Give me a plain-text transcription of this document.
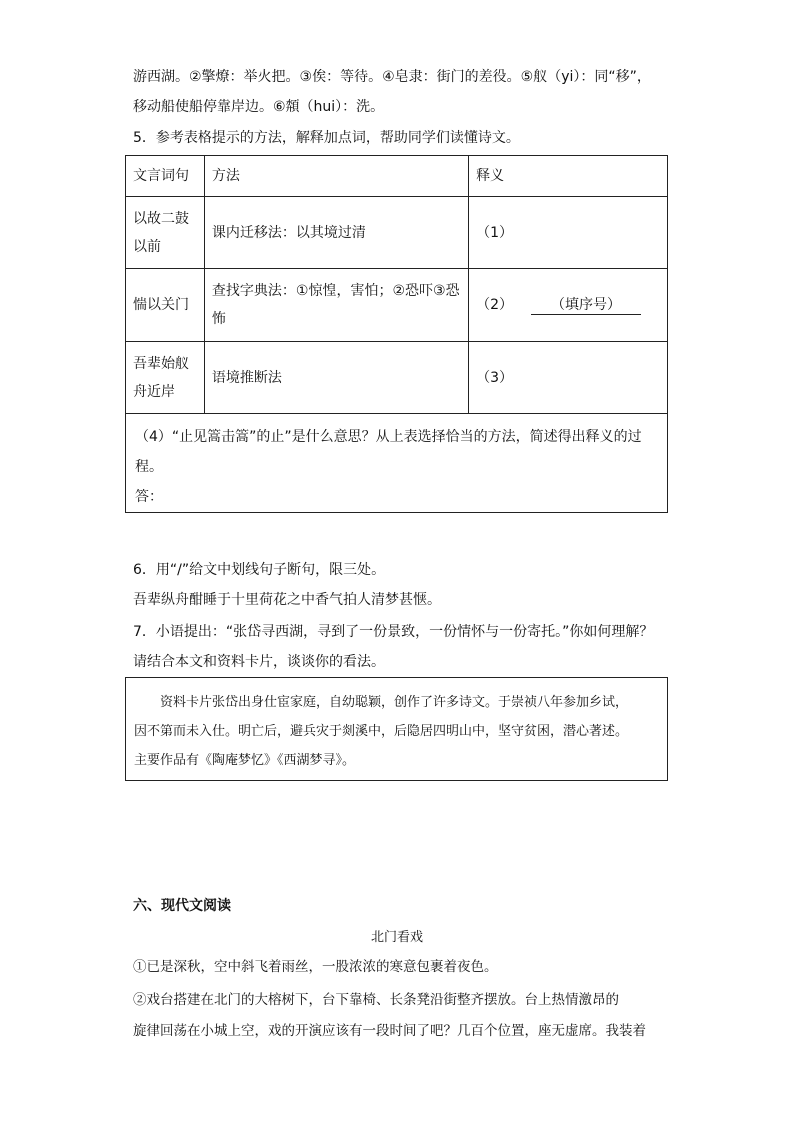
游西湖。②擎燎：举火把。③俟：等待。④皂隶：街门的差役。⑤舣（yi）：同“移”，
移动船使船停靠岸边。⑥頮（hui）：洗。
5．参考表格提示的方法，解释加点词，帮助同学们读懂诗文。
文言词句	方法	释义
以故二鼓以前	课内迁移法：以其境过清	（1）
惴以关门	查找字典法：①惊惶，害怕；②恐吓③恐怖	（2） （填序号）
吾辈始舣舟近岸	语境推断法	（3）

（4）“止见篙击篙”的止”是什么意思？从上表选择恰当的方法，简述得出释义的过程。
答：		
6．用“/”给文中划线句子断句，限三处。
吾辈纵舟酣睡于十里荷花之中香气拍人清梦甚惬。
7．小语提出：“张岱寻西湖，寻到了一份景致，一份情怀与一份寄托。”你如何理解？
请结合本文和资料卡片，谈谈你的看法。

资料卡片张岱出身仕宦家庭，自幼聪颖，创作了许多诗文。于崇祯八年参加乡试，

因不第而未入仕。明亡后，避兵灾于剡溪中，后隐居四明山中，坚守贫困，潜心著述。

主要作品有《陶庵梦忆》《西湖梦寻》。

六、现代文阅读
北门看戏
①已是深秋，空中斜飞着雨丝，一股浓浓的寒意包裹着夜色。
②戏台搭建在北门的大榕树下，台下靠椅、长条凳沿街整齐摆放。台上热情激昂的
旋律回荡在小城上空，戏的开演应该有一段时间了吧？几百个位置，座无虚席。我装着
